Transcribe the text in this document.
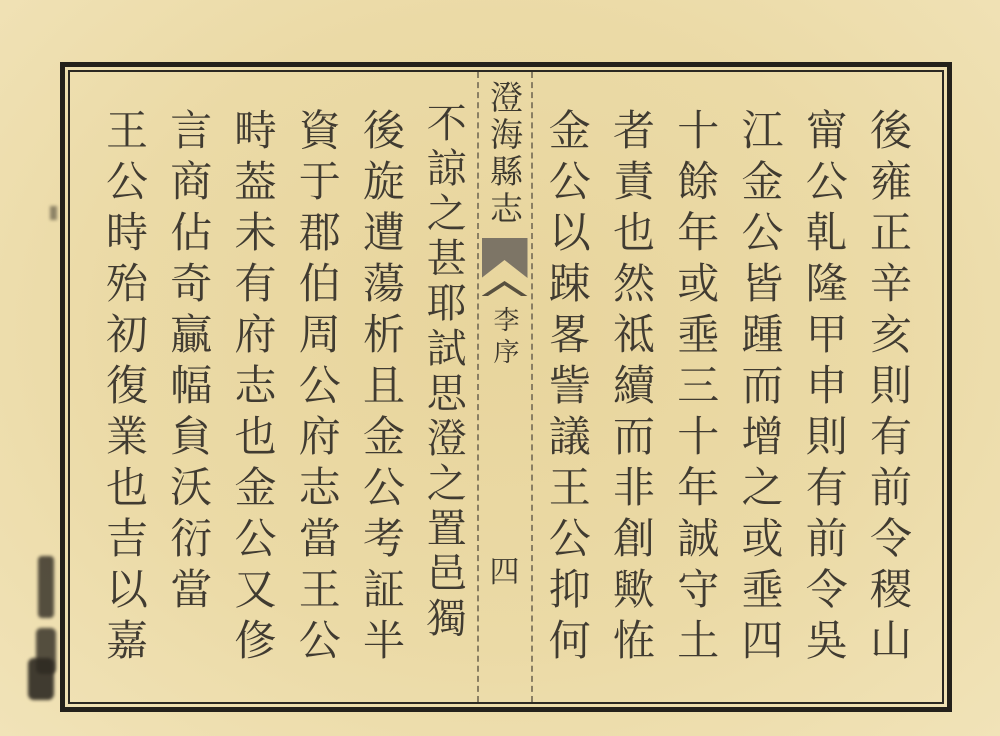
後雍正辛亥則有前令稷山
甯公乹隆甲申則有前令吳
江金公皆踵而增之或埀四
十餘年或埀三十年誠守土
者責也然祗續而非創歟恠
金公以踈畧訾議王公抑何
澄海縣志
李序
四
不諒之甚耶試思澄之置邑獨
後旋遭蕩析且金公考証半
資于郡伯周公府志當王公
畤葢未有府志也金公又俢
言商佔奇贏幅貟沃衍當
王公時殆初復業也吉以嘉
